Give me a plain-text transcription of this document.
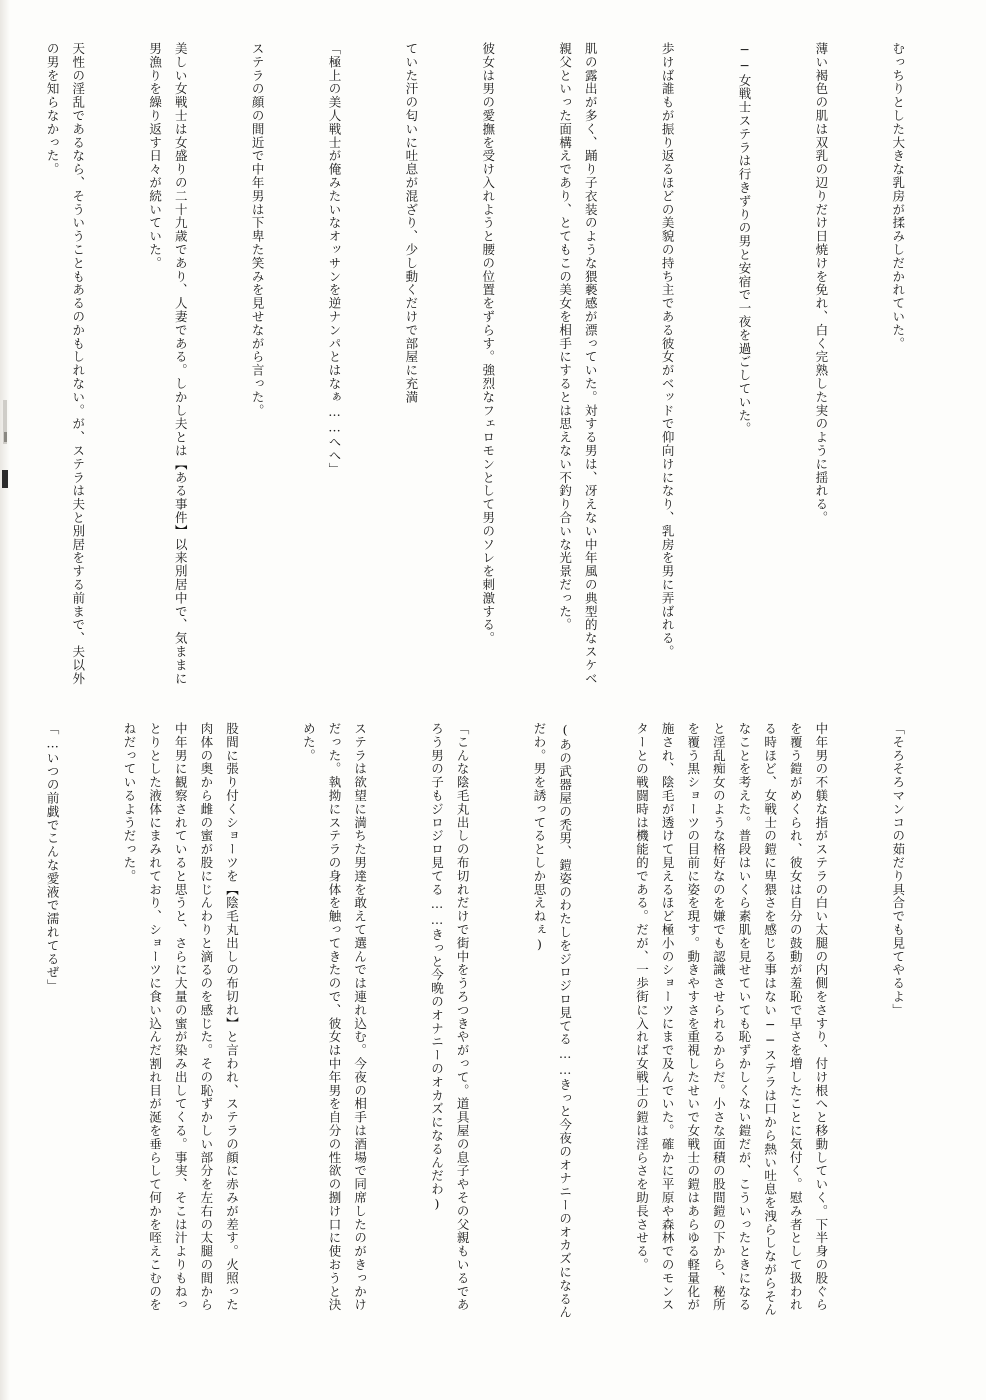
むっちりとした大きな乳房が揉みしだかれていた。

薄い褐色の肌は双乳の辺りだけ日焼けを免れ、白く完熟した実のように揺れる。

──女戦士ステラは行きずりの男と安宿で一夜を過ごしていた。

歩けば誰もが振り返るほどの美貌の持ち主である彼女がベッドで仰向けになり、乳房を男に弄ばれる。

肌の露出が多く、踊り子衣装のような猥褻感が漂っていた。対する男は、冴えない中年風の典型的なスケベ親父といった面構えであり、とてもこの美女を相手にするとは思えない不釣り合いな光景だった。

彼女は男の愛撫を受け入れようと腰の位置をずらす。強烈なフェロモンとして男のソレを刺激する。

ていた汗の匂いに吐息が混ざり、少し動くだけで部屋に充満

「極上の美人戦士が俺みたいなオッサンを逆ナンパとはなぁ……へへ」

ステラの顔の間近で中年男は下卑た笑みを見せながら言った。

美しい女戦士は女盛りの二十九歳であり、人妻である。しかし夫とは【ある事件】以来別居中で、気ままに男漁りを繰り返す日々が続いていた。

天性の淫乱であるなら、そういうこともあるのかもしれない。が、ステラは夫と別居をする前まで、夫以外の男を知らなかった。

「そろそろマンコの茹だり具合でも見てやるよ」

中年男の不躾な指がステラの白い太腿の内側をさすり、付け根へと移動していく。下半身の股ぐらを覆う鎧がめくられ、彼女は自分の鼓動が羞恥で早さを増したことに気付く。慰み者として扱われる時ほど、女戦士の鎧に卑猥さを感じる事はない──ステラは口から熱い吐息を洩らしながらそんなことを考えた。普段はいくら素肌を見せていても恥ずかしくない鎧だが、こういったときになると淫乱痴女のような格好なのを嫌でも認識させられるからだ。小さな面積の股間鎧の下から、秘所を覆う黒ショーツの目前に姿を現す。動きやすさを重視したせいで女戦士の鎧はあらゆる軽量化が施され、陰毛が透けて見えるほど極小のショーツにまで及んでいた。確かに平原や森林でのモンスターとの戦闘時は機能的である。だが、一歩街に入れば女戦士の鎧は淫らさを助長させる。

(あの武器屋の禿男、鎧姿のわたしをジロジロ見てる……きっと今夜のオナニーのオカズになるんだわ。男を誘ってるとしか思えねぇ)

「こんな陰毛丸出しの布切れだけで街中をうろつきやがって。道具屋の息子やその父親もいるであろう男の子もジロジロ見てる……きっと今晩のオナニーのオカズになるんだわ)

ステラは欲望に満ちた男達を敢えて選んでは連れ込む。今夜の相手は酒場で同席したのがきっかけだった。執拗にステラの身体を触ってきたので、彼女は中年男を自分の性欲の捌け口に使おうと決めた。

股間に張り付くショーツを【陰毛丸出しの布切れ】と言われ、ステラの顔に赤みが差す。火照った肉体の奥から雌の蜜が股にじんわりと滴るのを感じた。その恥ずかしい部分を左右の太腿の間から中年男に観察されていると思うと、さらに大量の蜜が染み出してくる。事実、そこは汁よりもねっとりとした液体にまみれており、ショーツに食い込んだ割れ目が涎を垂らして何かを咥えこむのをねだっているようだった。

「…いつの前戯でこんな愛液で濡れてるぜ」
